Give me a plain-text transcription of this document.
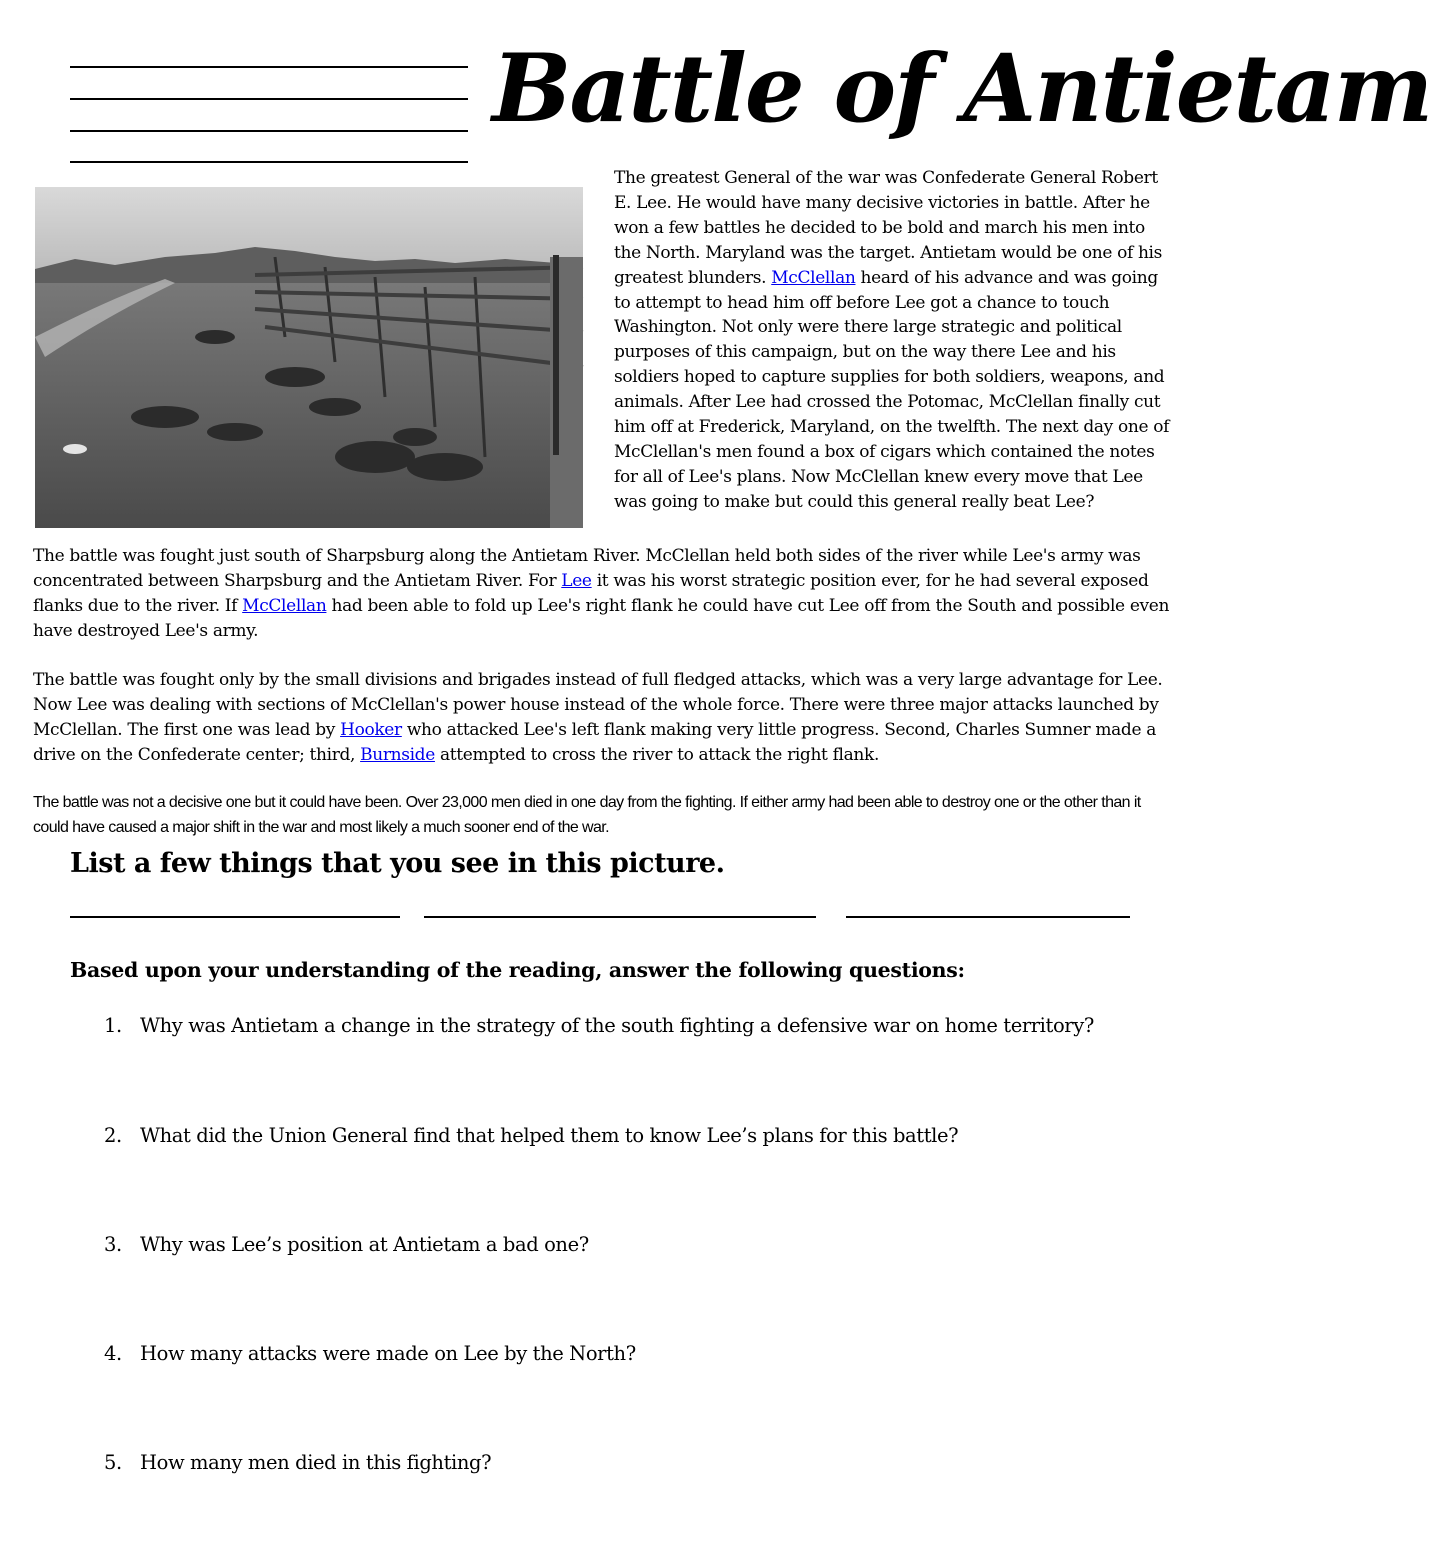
Battle of Antietam
The greatest General of the war was Confederate General Robert E. Lee. He would have many decisive victories in battle. After he won a few battles he decided to be bold and march his men into the North. Maryland was the target. Antietam would be one of his greatest blunders. McClellan heard of his advance and was going to attempt to head him off before Lee got a chance to touch Washington. Not only were there large strategic and political purposes of this campaign, but on the way there Lee and his soldiers hoped to capture supplies for both soldiers, weapons, and animals. After Lee had crossed the Potomac, McClellan finally cut him off at Frederick, Maryland, on the twelfth. The next day one of McClellan's men found a box of cigars which contained the notes for all of Lee's plans. Now McClellan knew every move that Lee was going to make but could this general really beat Lee?
The battle was fought just south of Sharpsburg along the Antietam River. McClellan held both sides of the river while Lee's army was concentrated between Sharpsburg and the Antietam River. For Lee it was his worst strategic position ever, for he had several exposed flanks due to the river. If McClellan had been able to fold up Lee's right flank he could have cut Lee off from the South and possible even have destroyed Lee's army.
The battle was fought only by the small divisions and brigades instead of full fledged attacks, which was a very large advantage for Lee. Now Lee was dealing with sections of McClellan's power house instead of the whole force. There were three major attacks launched by McClellan. The first one was lead by Hooker who attacked Lee's left flank making very little progress. Second, Charles Sumner made a drive on the Confederate center; third, Burnside attempted to cross the river to attack the right flank.
The battle was not a decisive one but it could have been. Over 23,000 men died in one day from the fighting. If either army had been able to destroy one or the other than it could have caused a major shift in the war and most likely a much sooner end of the war.
List a few things that you see in this picture.
Based upon your understanding of the reading, answer the following questions:
1. Why was Antietam a change in the strategy of the south fighting a defensive war on home territory?
2. What did the Union General find that helped them to know Lee’s plans for this battle?
3. Why was Lee’s position at Antietam a bad one?
4. How many attacks were made on Lee by the North?
5. How many men died in this fighting?
